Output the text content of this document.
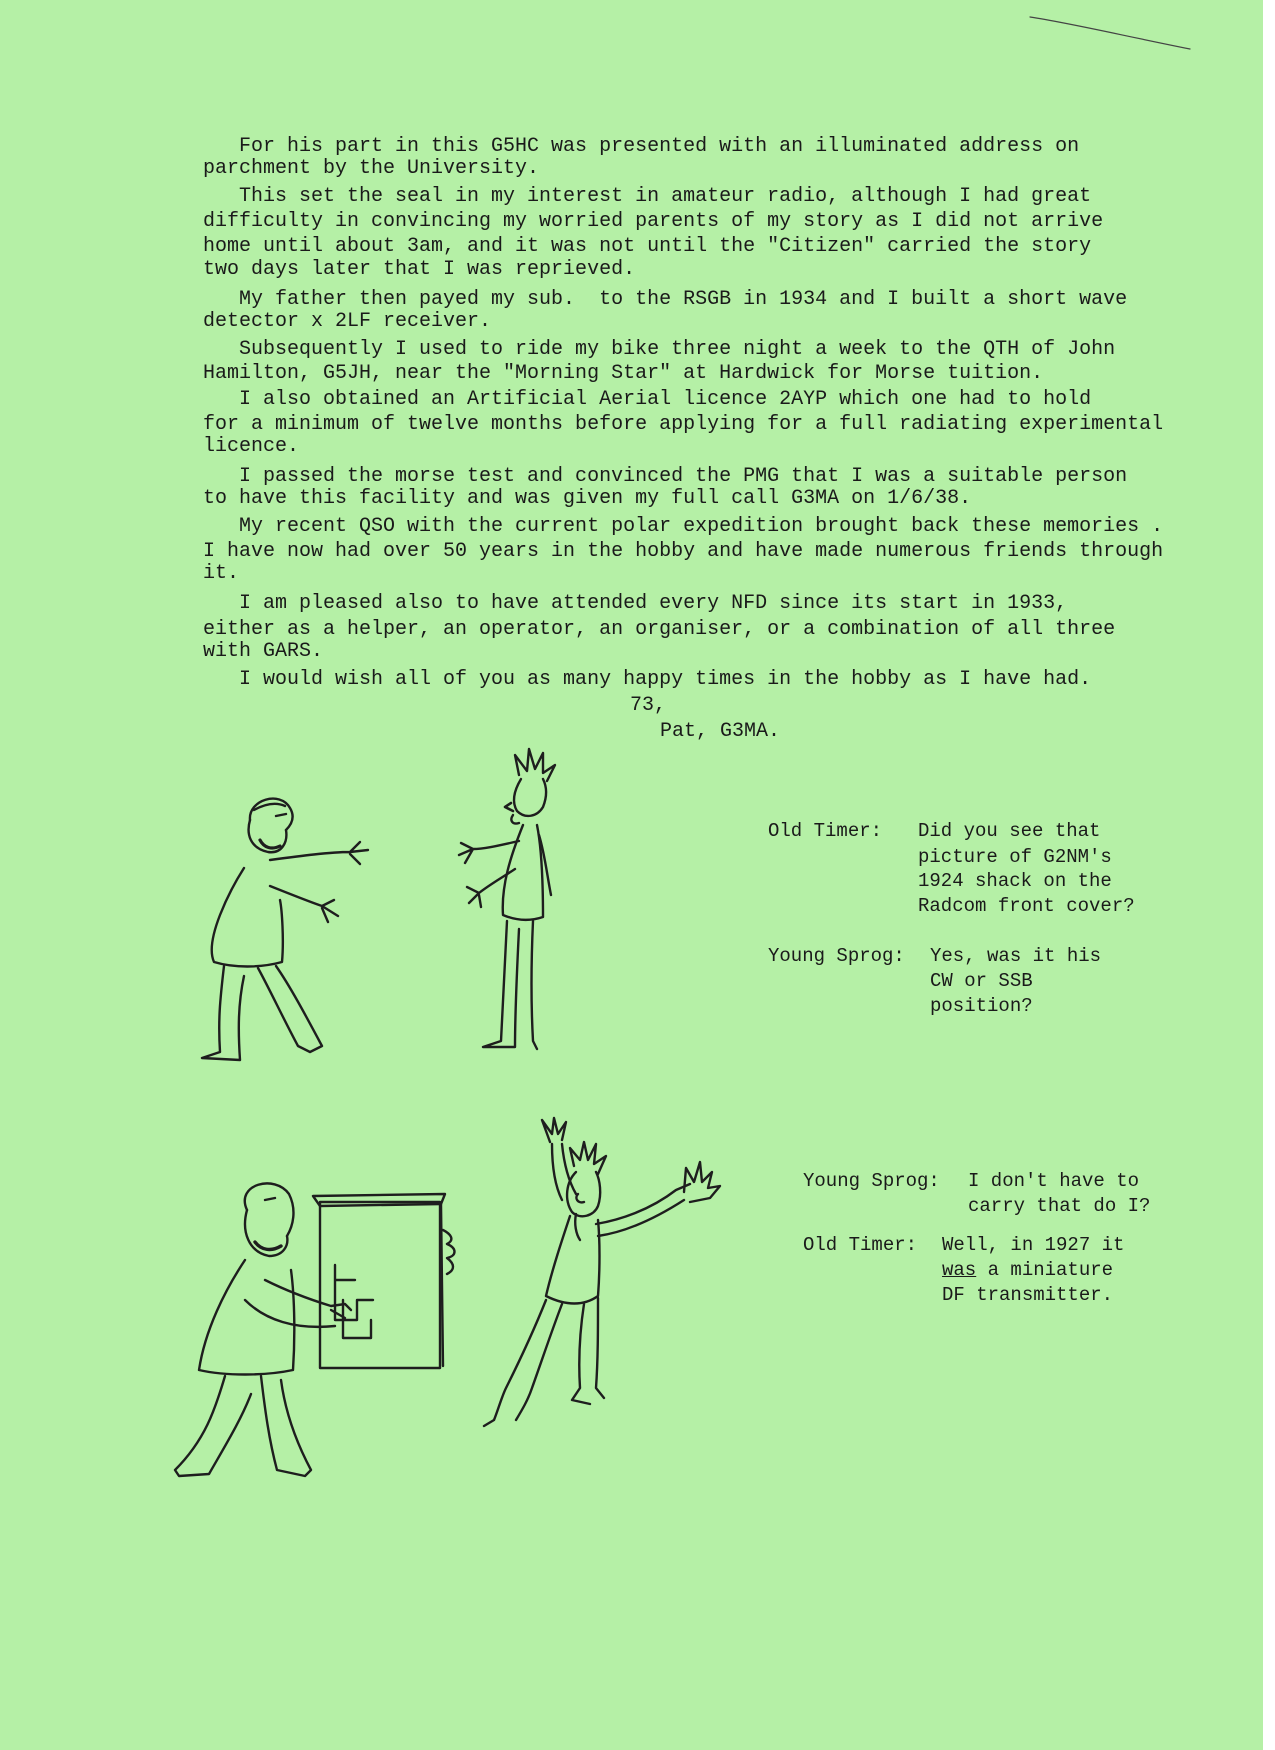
For his part in this G5HC was presented with an illuminated address on
parchment by the University.
This set the seal in my interest in amateur radio, although I had great
difficulty in convincing my worried parents of my story as I did not arrive
home until about 3am, and it was not until the "Citizen" carried the story
two days later that I was reprieved.
My father then payed my sub.  to the RSGB in 1934 and I built a short wave
detector x 2LF receiver.
Subsequently I used to ride my bike three night a week to the QTH of John
Hamilton, G5JH, near the "Morning Star" at Hardwick for Morse tuition.
I also obtained an Artificial Aerial licence 2AYP which one had to hold
for a minimum of twelve months before applying for a full radiating experimental
licence.
I passed the morse test and convinced the PMG that I was a suitable person
to have this facility and was given my full call G3MA on 1/6/38.
My recent QSO with the current polar expedition brought back these memories .
I have now had over 50 years in the hobby and have made numerous friends through
it.
I am pleased also to have attended every NFD since its start in 1933,
either as a helper, an operator, an organiser, or a combination of all three
with GARS.
I would wish all of you as many happy times in the hobby as I have had.
73,
Pat, G3MA.
Old Timer: Did you see that
picture of G2NM's
1924 shack on the
Radcom front cover?
Young Sprog: Yes, was it his
CW or SSB
position?
Young Sprog: I don't have to
carry that do I?
Old Timer: Well, in 1927 it
was a miniature
DF transmitter.
